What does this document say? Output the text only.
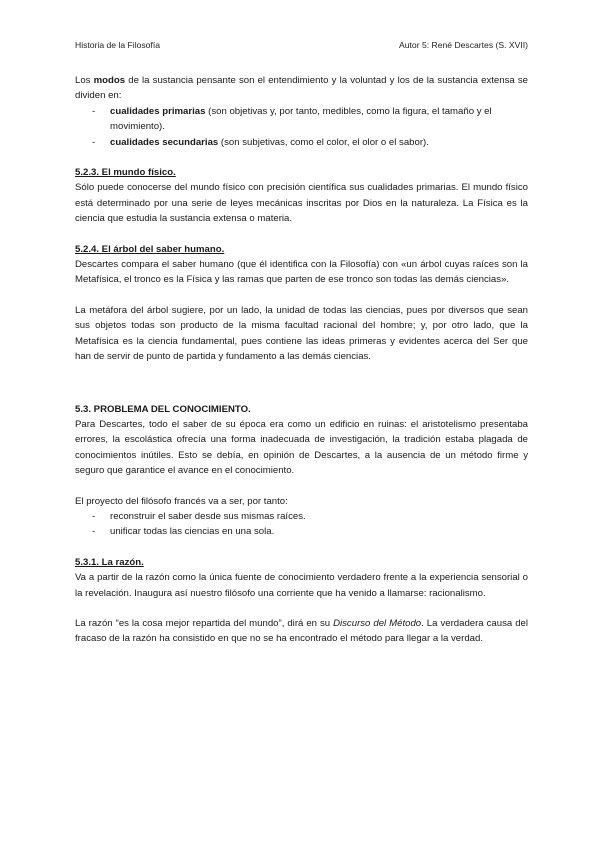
Historia de la Filosofía	Autor 5: René Descartes (S. XVII)

Los modos de la sustancia pensante son el entendimiento y la voluntad y los de la sustancia extensa se dividen en:

- cualidades primarias (son objetivas y, por tanto, medibles, como la figura, el tamaño y el movimiento).
- cualidades secundarias (son subjetivas, como el color, el olor o el sabor).

5.2.3. El mundo físico.

Sólo puede conocerse del mundo físico con precisión científica sus cualidades primarias. El mundo físico está determinado por una serie de leyes mecánicas inscritas por Dios en la naturaleza. La Física es la ciencia que estudia la sustancia extensa o materia.

5.2.4. El árbol del saber humano.

Descartes compara el saber humano (que él identifica con la Filosofía) con «un árbol cuyas raíces son la Metafísica, el tronco es la Física y las ramas que parten de ese tronco son todas las demás ciencias».

La metáfora del árbol sugiere, por un lado, la unidad de todas las ciencias, pues por diversos que sean sus objetos todas son producto de la misma facultad racional del hombre; y, por otro lado, que la Metafísica es la ciencia fundamental, pues contiene las ideas primeras y evidentes acerca del Ser que han de servir de punto de partida y fundamento a las demás ciencias.

5.3. PROBLEMA DEL CONOCIMIENTO.

Para Descartes, todo el saber de su época era como un edificio en ruinas: el aristotelismo presentaba errores, la escolástica ofrecía una forma inadecuada de investigación, la tradición estaba plagada de conocimientos inútiles. Esto se debía, en opinión de Descartes, a la ausencia de un método firme y seguro que garantice el avance en el conocimiento.

El proyecto del filósofo francés va a ser, por tanto:

- reconstruir el saber desde sus mismas raíces.
- unificar todas las ciencias en una sola.

5.3.1. La razón.

Va a partir de la razón como la única fuente de conocimiento verdadero frente a la experiencia sensorial o la revelación. Inaugura así nuestro filósofo una corriente que ha venido a llamarse: racionalismo.

La razón “es la cosa mejor repartida del mundo”, dirá en su Discurso del Método. La verdadera causa del fracaso de la razón ha consistido en que no se ha encontrado el método para llegar a la verdad.
